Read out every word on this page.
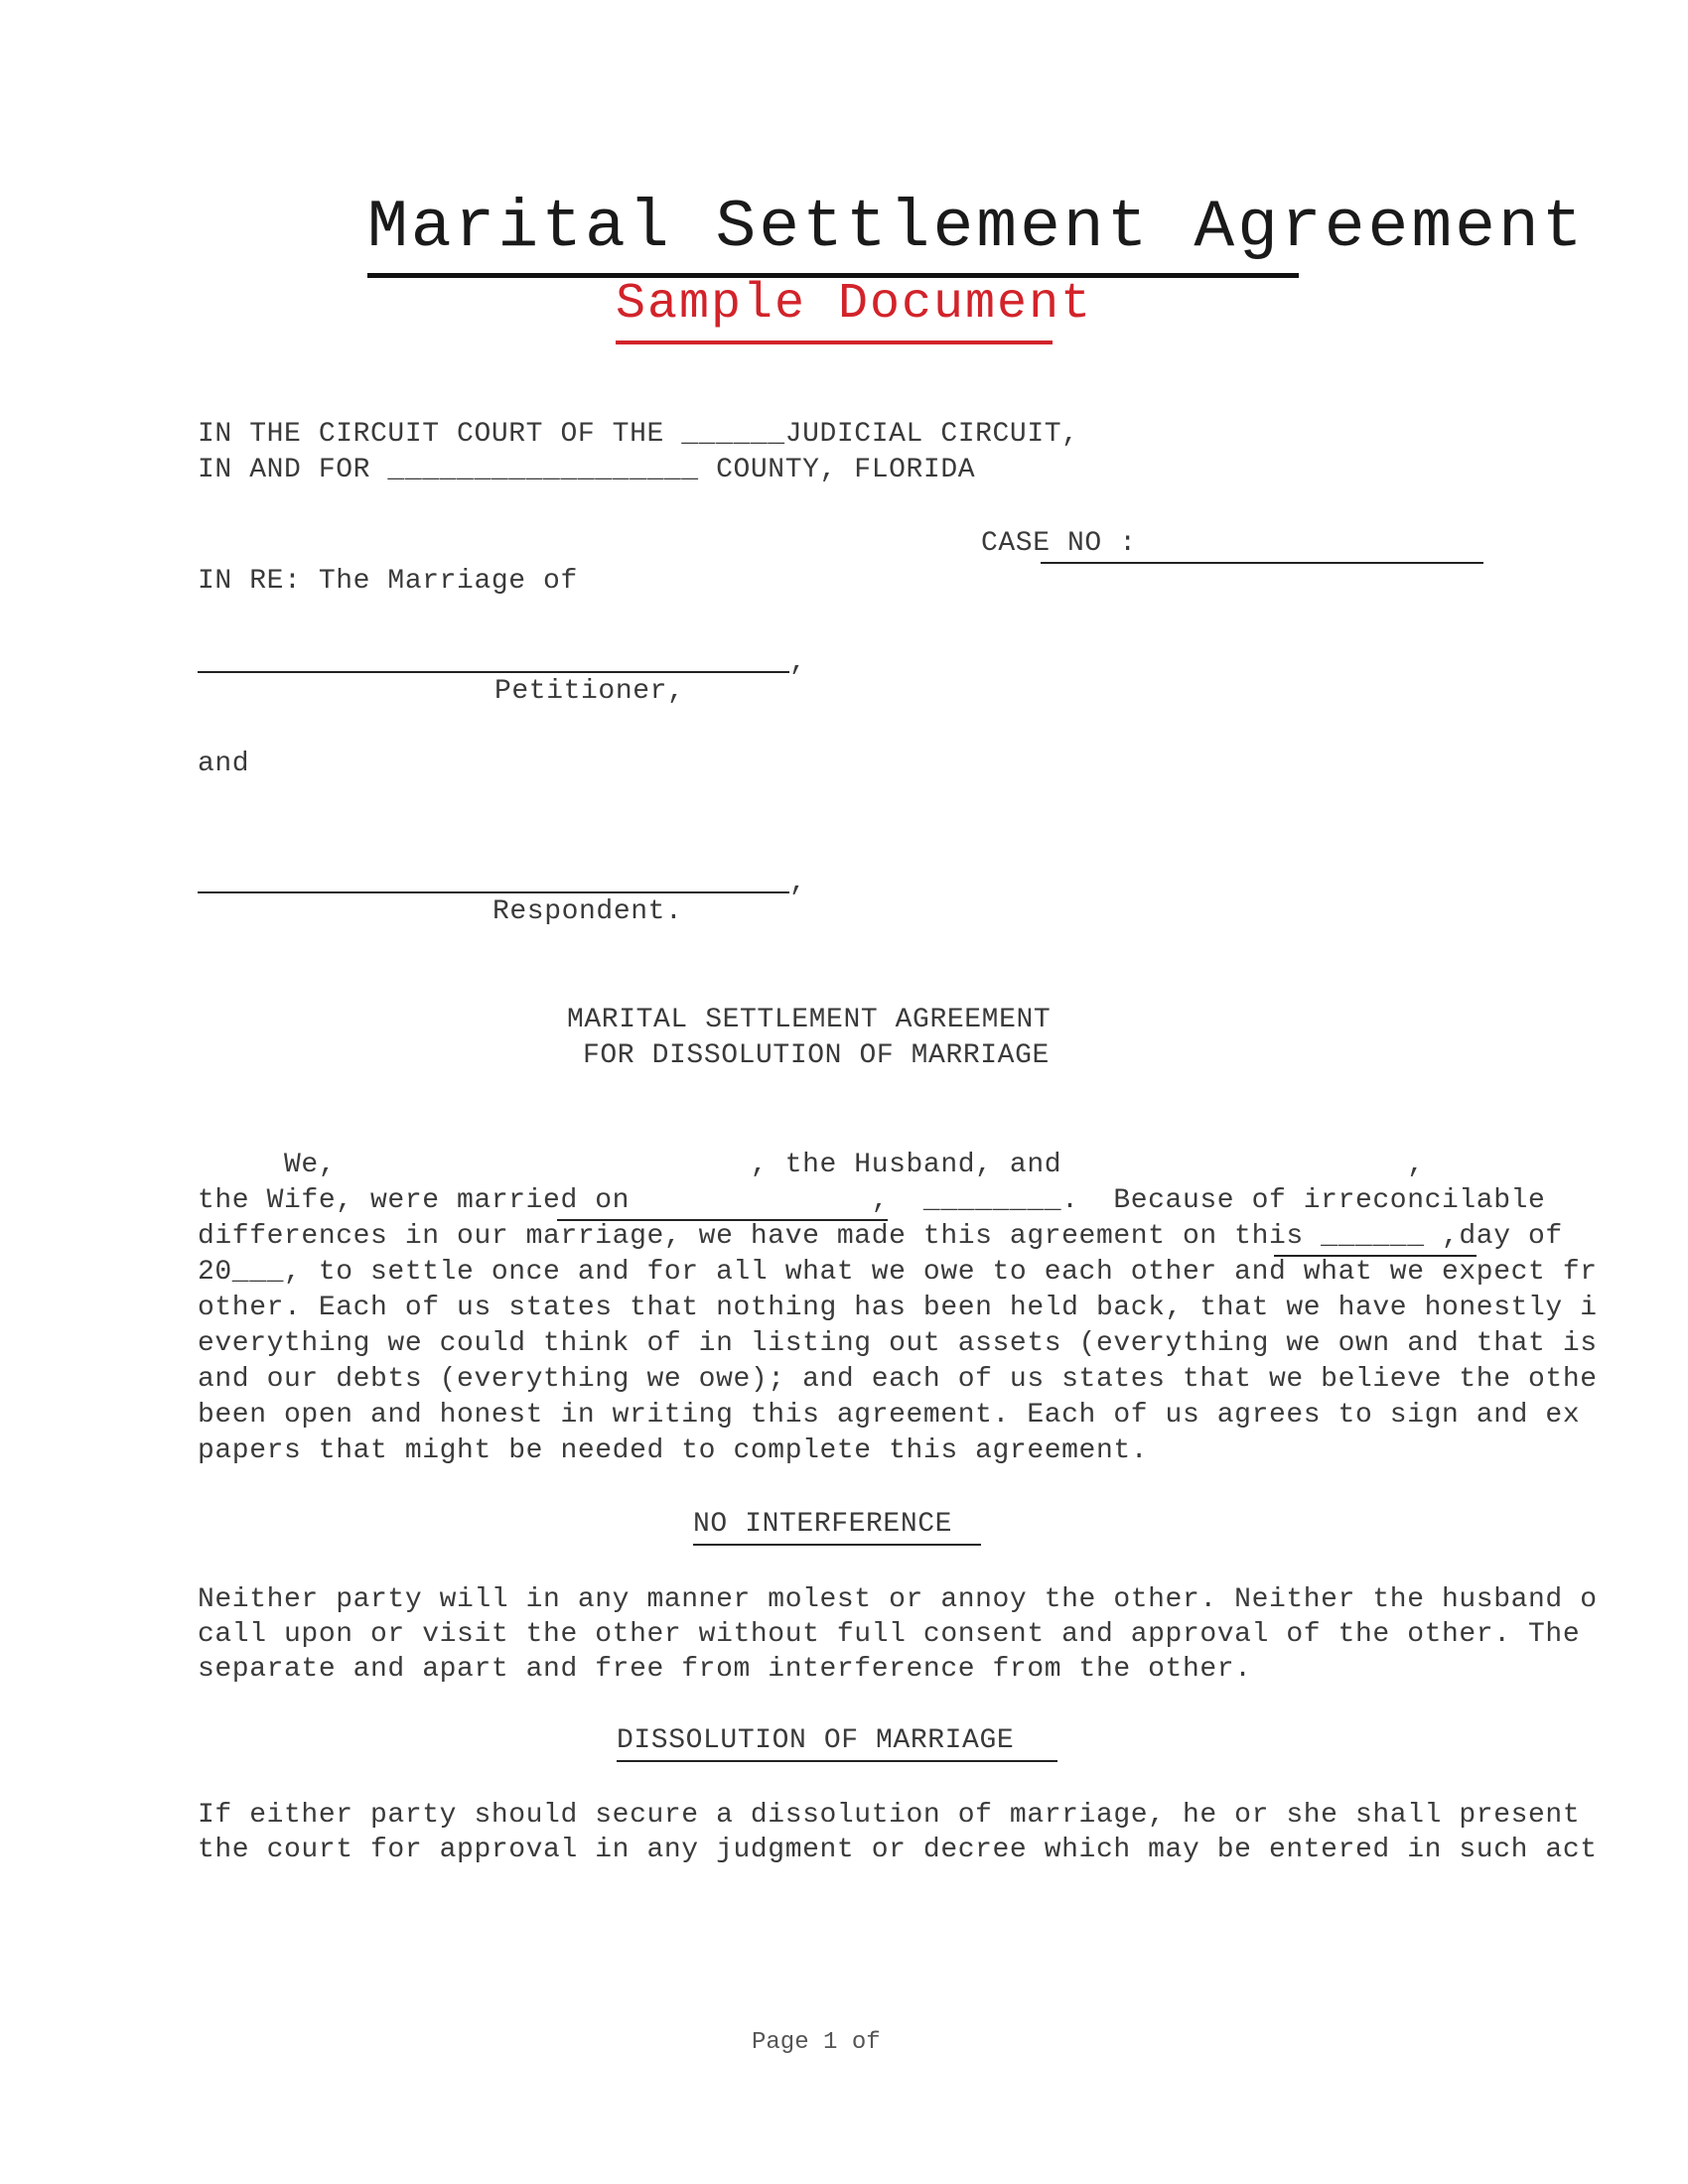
Marital Settlement Agreement
Sample Document
IN THE CIRCUIT COURT OF THE ______JUDICIAL CIRCUIT,
IN AND FOR __________________ COUNTY, FLORIDA
CASE NO :
IN RE: The Marriage of
,
Petitioner,
and
,
Respondent.
MARITAL SETTLEMENT AGREEMENT
FOR DISSOLUTION OF MARRIAGE
We,                        , the Husband, and                    ,
the Wife, were married on              ,  ________.  Because of irreconcilable
differences in our marriage, we have made this agreement on this ______ ,day of
20___, to settle once and for all what we owe to each other and what we expect fr
other. Each of us states that nothing has been held back, that we have honestly i
everything we could think of in listing out assets (everything we own and that is
and our debts (everything we owe); and each of us states that we believe the othe
been open and honest in writing this agreement. Each of us agrees to sign and ex
papers that might be needed to complete this agreement.
NO INTERFERENCE
Neither party will in any manner molest or annoy the other. Neither the husband o
call upon or visit the other without full consent and approval of the other. The
separate and apart and free from interference from the other.
DISSOLUTION OF MARRIAGE
If either party should secure a dissolution of marriage, he or she shall present
the court for approval in any judgment or decree which may be entered in such act
Page 1 of
